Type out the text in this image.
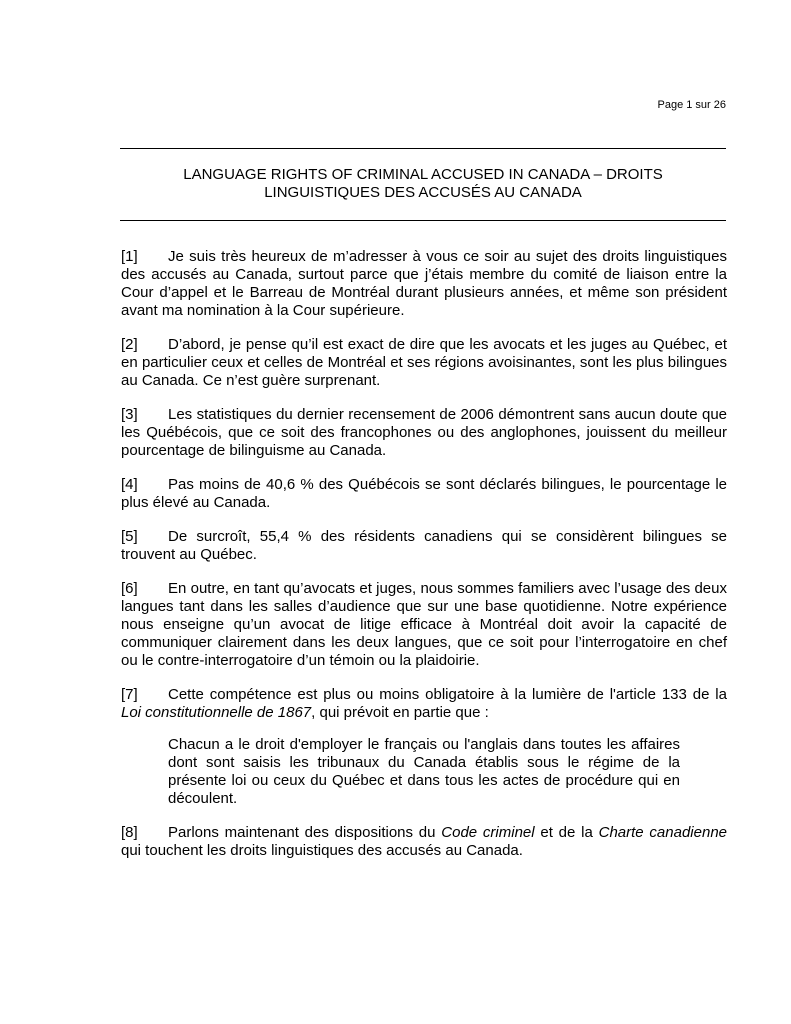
Page 1 sur 26
LANGUAGE RIGHTS OF CRIMINAL ACCUSED IN CANADA – DROITS
LINGUISTIQUES DES ACCUSÉS AU CANADA

[1] Je suis très heureux de m’adresser à vous ce soir au sujet des droits linguistiques des accusés au Canada, surtout parce que j’étais membre du comité de liaison entre la Cour d’appel et le Barreau de Montréal durant plusieurs années, et même son président avant ma nomination à la Cour supérieure.

[2] D’abord, je pense qu’il est exact de dire que les avocats et les juges au Québec, et en particulier ceux et celles de Montréal et ses régions avoisinantes, sont les plus bilingues au Canada. Ce n’est guère surprenant.

[3] Les statistiques du dernier recensement de 2006 démontrent sans aucun doute que les Québécois, que ce soit des francophones ou des anglophones, jouissent du meilleur pourcentage de bilinguisme au Canada.

[4] Pas moins de 40,6 % des Québécois se sont déclarés bilingues, le pourcentage le plus élevé au Canada.

[5] De surcroît, 55,4 % des résidents canadiens qui se considèrent bilingues se trouvent au Québec.

[6] En outre, en tant qu’avocats et juges, nous sommes familiers avec l’usage des deux langues tant dans les salles d’audience que sur une base quotidienne. Notre expérience nous enseigne qu’un avocat de litige efficace à Montréal doit avoir la capacité de communiquer clairement dans les deux langues, que ce soit pour l’interrogatoire en chef ou le contre-interrogatoire d’un témoin ou la plaidoirie.

[7] Cette compétence est plus ou moins obligatoire à la lumière de l'article 133 de la Loi constitutionnelle de 1867, qui prévoit en partie que :

Chacun a le droit d'employer le français ou l'anglais dans toutes les affaires dont sont saisis les tribunaux du Canada établis sous le régime de la présente loi ou ceux du Québec et dans tous les actes de procédure qui en découlent.

[8] Parlons maintenant des dispositions du Code criminel et de la Charte canadienne qui touchent les droits linguistiques des accusés au Canada.
